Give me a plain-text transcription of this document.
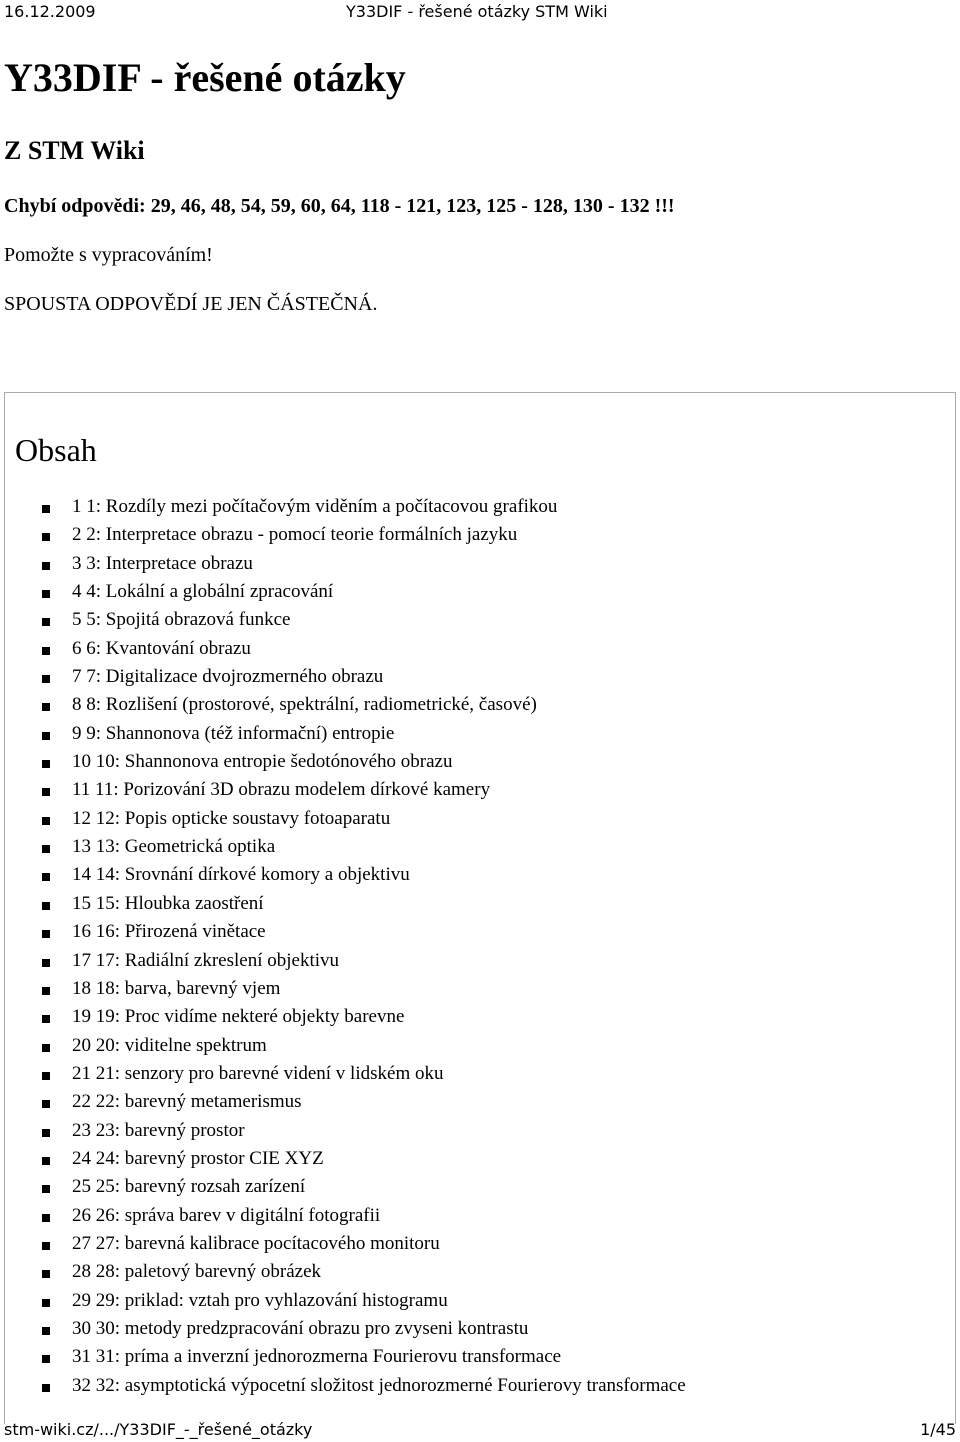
16.12.2009	Y33DIF - řešené otázky STM Wiki
Y33DIF - řešené otázky
Z STM Wiki
Chybí odpovědi: 29, 46, 48, 54, 59, 60, 64, 118 - 121, 123, 125 - 128, 130 - 132 !!!
Pomožte s vypracováním!
SPOUSTA ODPOVĚDÍ JE JEN ČÁSTEČNÁ.
Obsah
1 1: Rozdíly mezi počítačovým viděním a počítacovou grafikou
2 2: Interpretace obrazu - pomocí teorie formálních jazyku
3 3: Interpretace obrazu
4 4: Lokální a globální zpracování
5 5: Spojitá obrazová funkce
6 6: Kvantování obrazu
7 7: Digitalizace dvojrozmerného obrazu
8 8: Rozlišení (prostorové, spektrální, radiometrické, časové)
9 9: Shannonova (též informační) entropie
10 10: Shannonova entropie šedotónového obrazu
11 11: Porizování 3D obrazu modelem dírkové kamery
12 12: Popis opticke soustavy fotoaparatu
13 13: Geometrická optika
14 14: Srovnání dírkové komory a objektivu
15 15: Hloubka zaostření
16 16: Přirozená vinětace
17 17: Radiální zkreslení objektivu
18 18: barva, barevný vjem
19 19: Proc vidíme nekteré objekty barevne
20 20: viditelne spektrum
21 21: senzory pro barevné videní v lidském oku
22 22: barevný metamerismus
23 23: barevný prostor
24 24: barevný prostor CIE XYZ
25 25: barevný rozsah zarízení
26 26: správa barev v digitální fotografii
27 27: barevná kalibrace pocítacového monitoru
28 28: paletový barevný obrázek
29 29: priklad: vztah pro vyhlazování histogramu
30 30: metody predzpracování obrazu pro zvyseni kontrastu
31 31: príma a inverzní jednorozmerna Fourierovu transformace
32 32: asymptotická výpocetní složitost jednorozmerné Fourierovy transformace
stm-wiki.cz/.../Y33DIF_-_řešené_otázky	1/45
